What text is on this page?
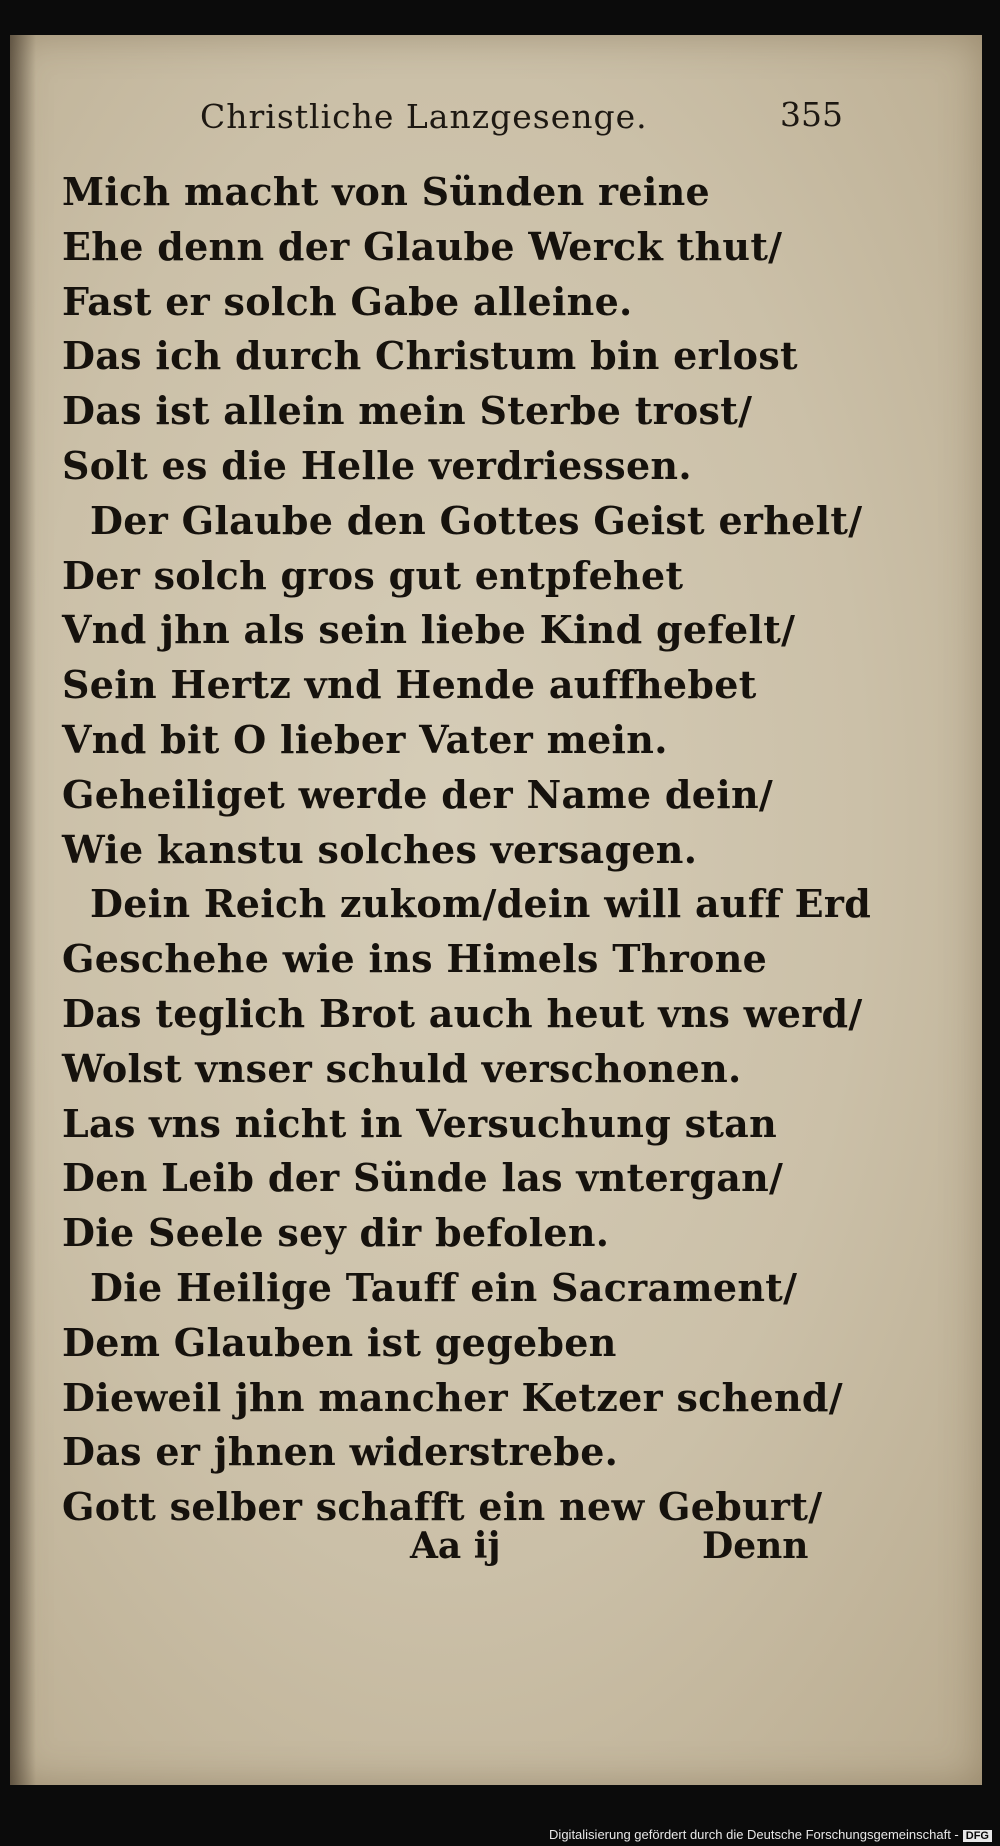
Christliche Lanzgesenge.	355
Mich macht von Sünden reine
Ehe denn der Glaube Werck thut/
Fast er solch Gabe alleine.
Das ich durch Christum bin erlost
Das ist allein mein Sterbe trost/
Solt es die Helle verdriessen.
Der Glaube den Gottes Geist erhelt/
Der solch gros gut entpfehet
Vnd jhn als sein liebe Kind gefelt/
Sein Hertz vnd Hende auffhebet
Vnd bit O lieber Vater mein.
Geheiliget werde der Name dein/
Wie kanstu solches versagen.
Dein Reich zukom/dein will auff Erd
Geschehe wie ins Himels Throne
Das teglich Brot auch heut vns werd/
Wolst vnser schuld verschonen.
Las vns nicht in Versuchung stan
Den Leib der Sünde las vntergan/
Die Seele sey dir befolen.
Die Heilige Tauff ein Sacrament/
Dem Glauben ist gegeben
Dieweil jhn mancher Ketzer schend/
Das er jhnen widerstrebe.
Gott selber schafft ein new Geburt/
Aa ij	Denn
Digitalisierung gefördert durch die Deutsche Forschungsgemeinschaft - DFG
